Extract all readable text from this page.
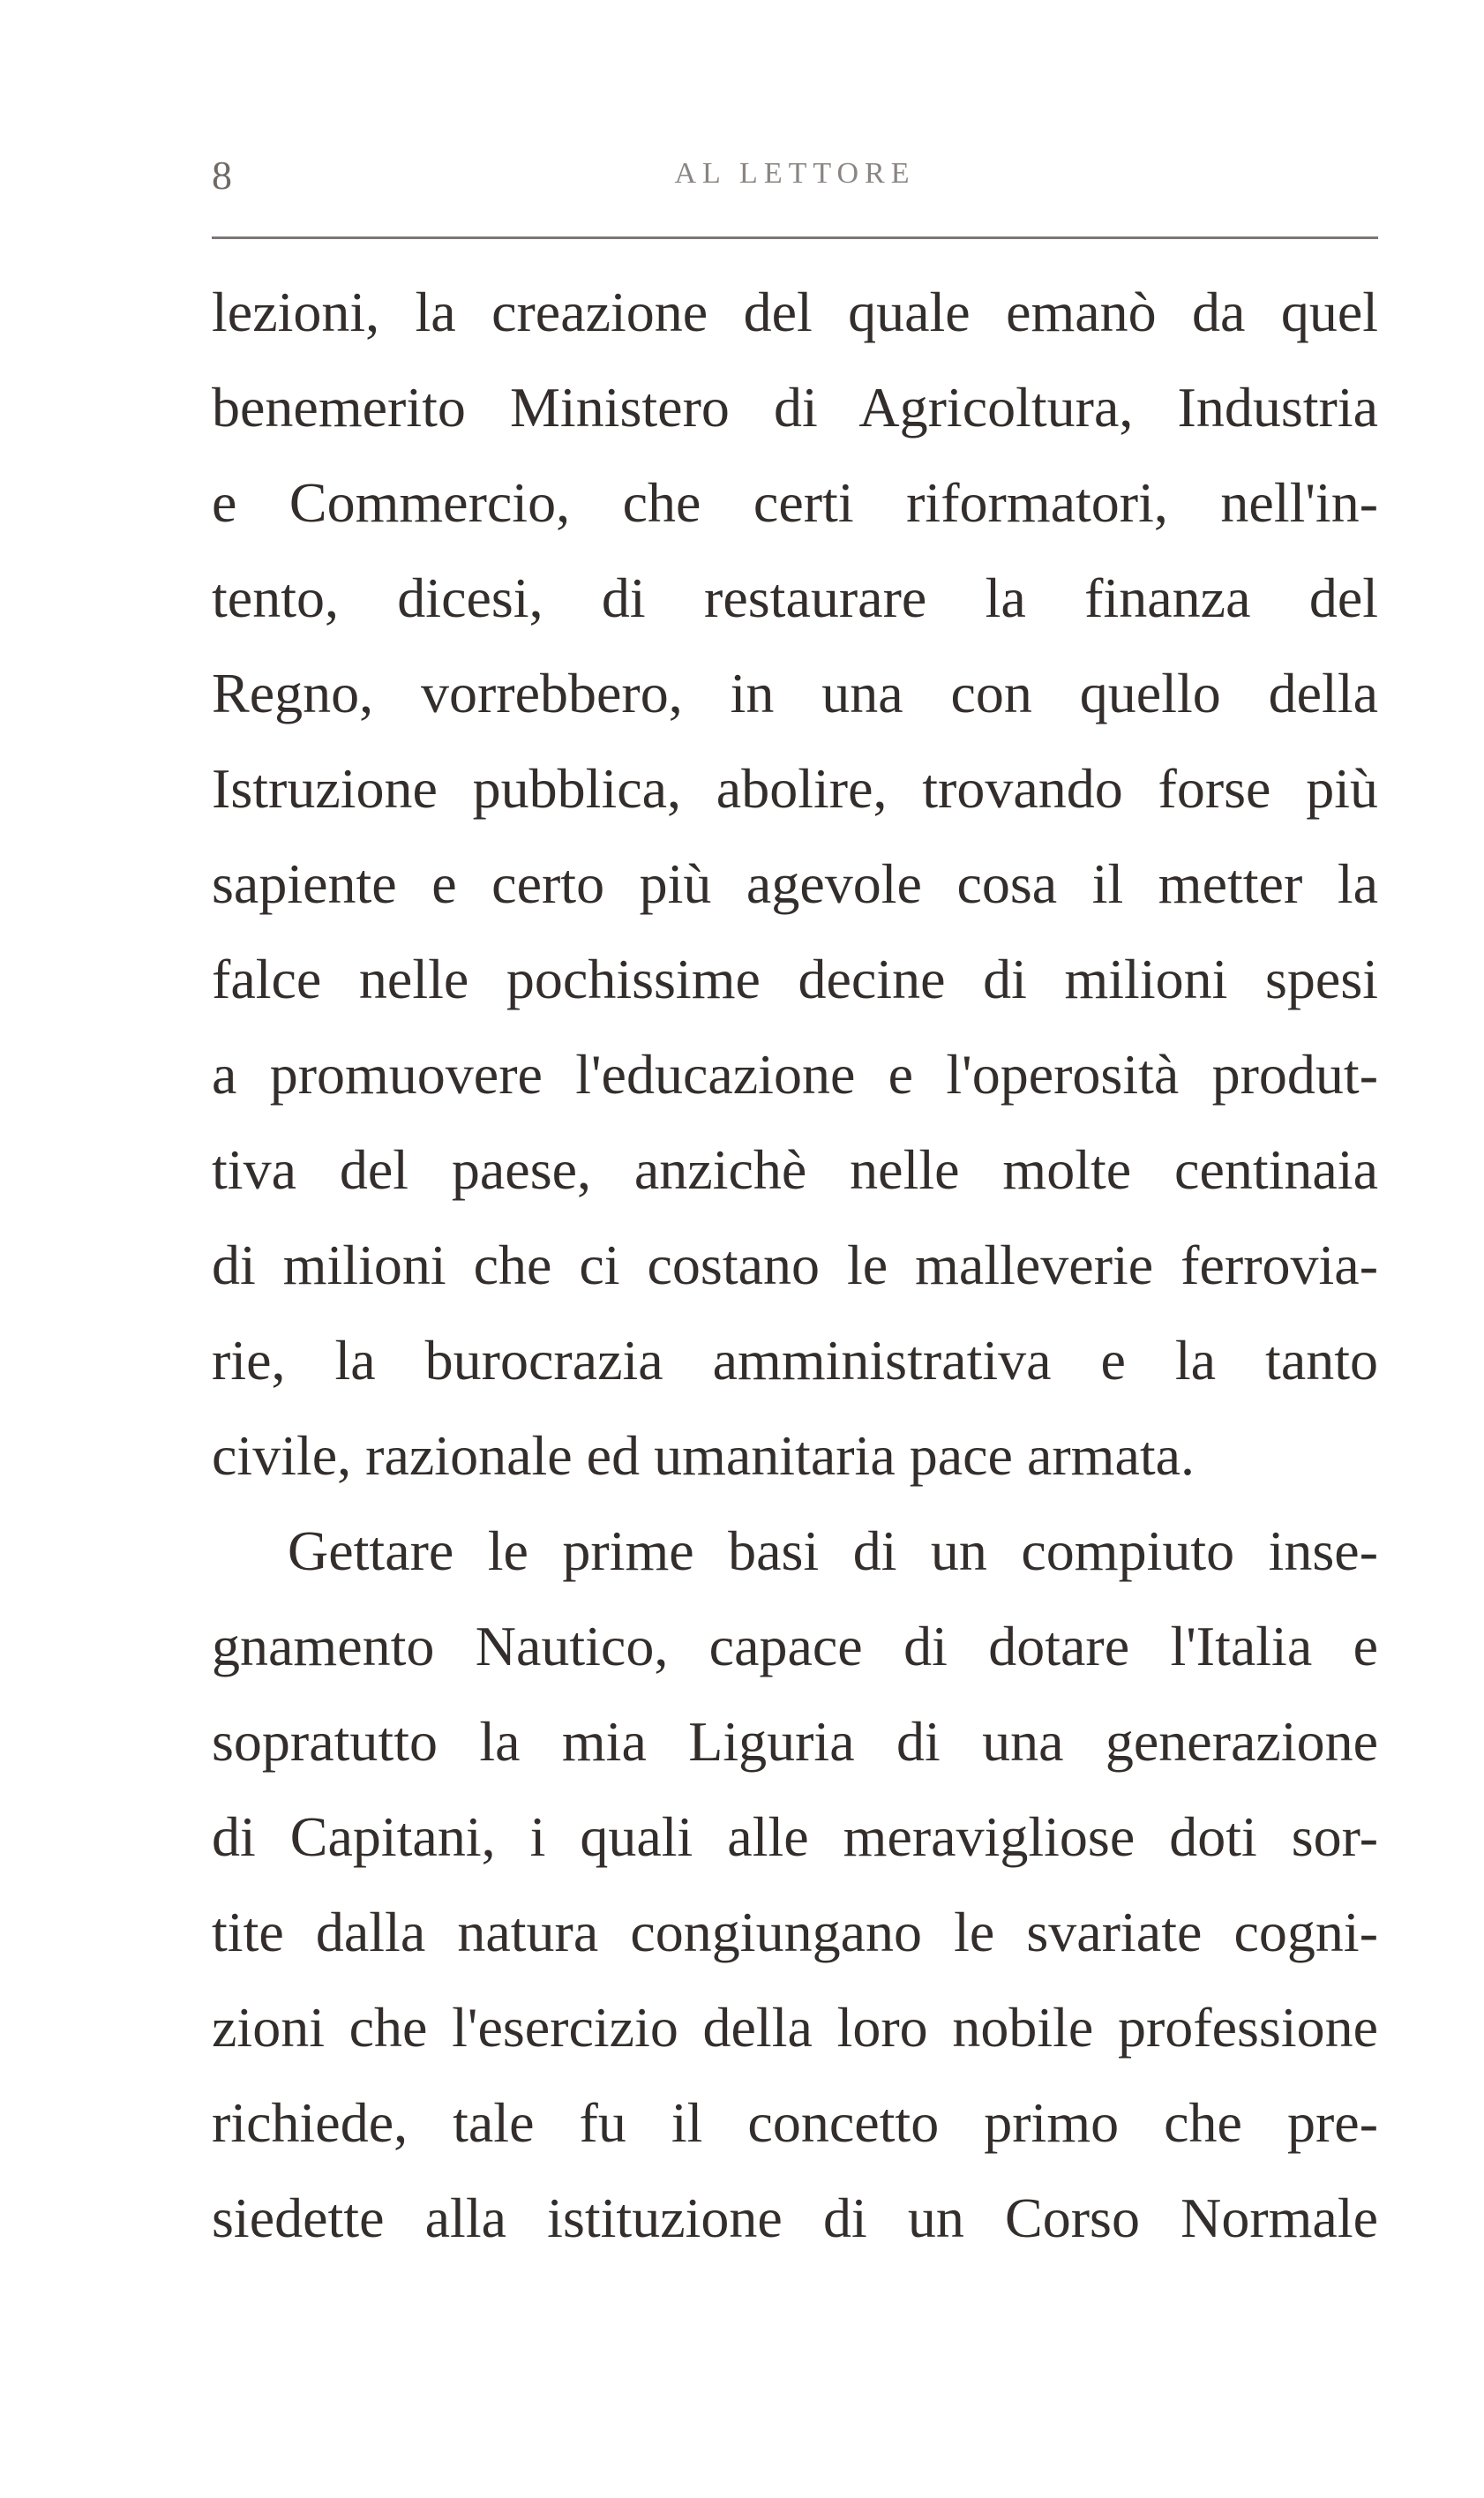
8	AL LETTORE
lezioni, la creazione del quale emanò da quel
benemerito Ministero di Agricoltura, Industria
e Commercio, che certi riformatori, nell'in-
tento, dicesi, di restaurare la finanza del
Regno, vorrebbero, in una con quello della
Istruzione pubblica, abolire, trovando forse più
sapiente e certo più agevole cosa il metter la
falce nelle pochissime decine di milioni spesi
a promuovere l'educazione e l'operosità produt-
tiva del paese, anzichè nelle molte centinaia
di milioni che ci costano le malleverie ferrovia-
rie, la burocrazia amministrativa e la tanto
civile, razionale ed umanitaria pace armata.
Gettare le prime basi di un compiuto inse-
gnamento Nautico, capace di dotare l'Italia e
sopratutto la mia Liguria di una generazione
di Capitani, i quali alle meravigliose doti sor-
tite dalla natura congiungano le svariate cogni-
zioni che l'esercizio della loro nobile professione
richiede, tale fu il concetto primo che pre-
siedette alla istituzione di un Corso Normale
